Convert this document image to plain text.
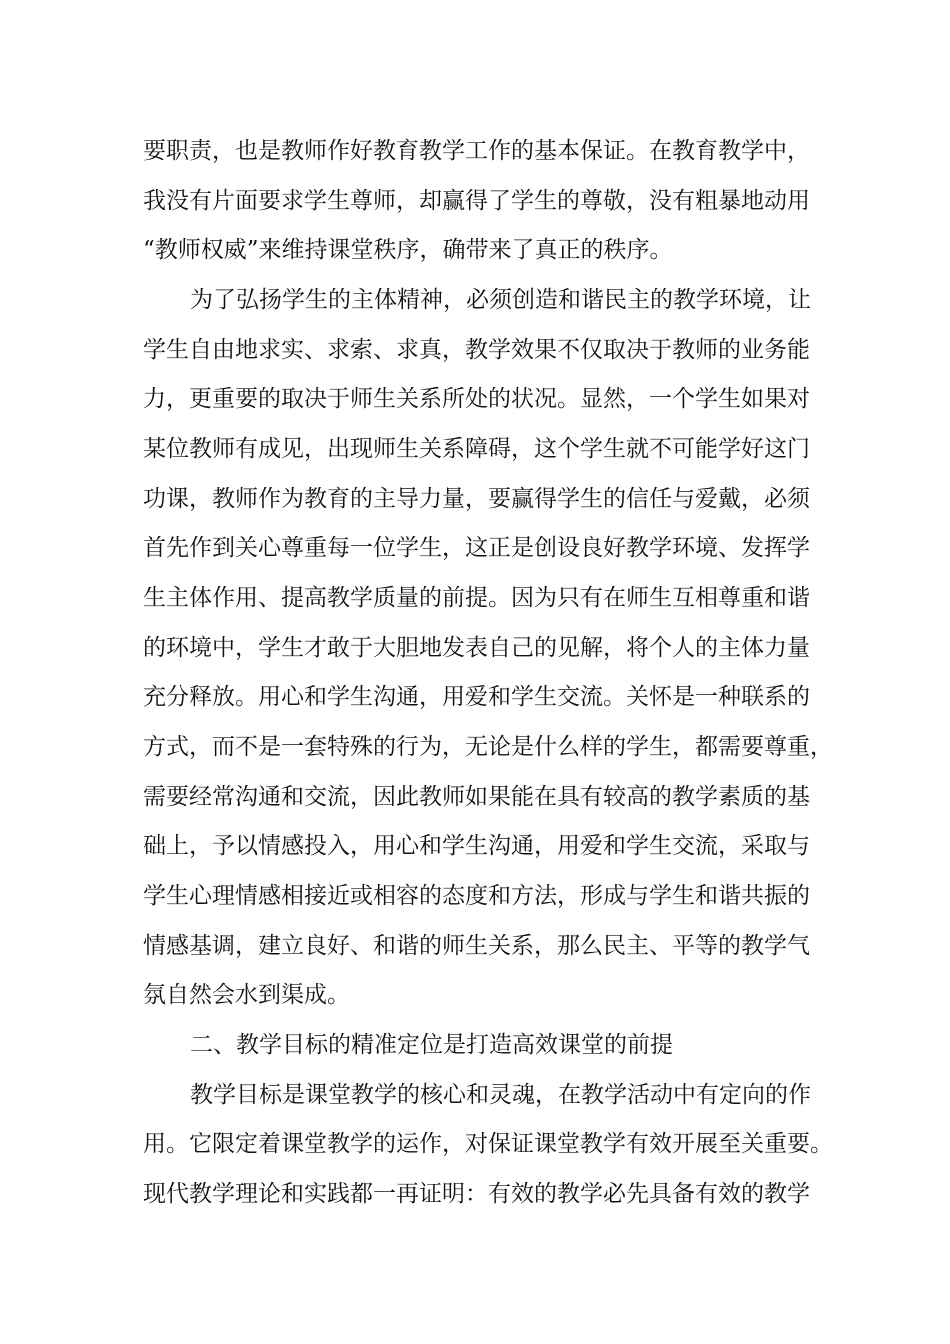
要职责，也是教师作好教育教学工作的基本保证。在教育教学中，
我没有片面要求学生尊师，却赢得了学生的尊敬，没有粗暴地动用
“教师权威”来维持课堂秩序，确带来了真正的秩序。
为了弘扬学生的主体精神，必须创造和谐民主的教学环境，让
学生自由地求实、求索、求真，教学效果不仅取决于教师的业务能
力，更重要的取决于师生关系所处的状况。显然，一个学生如果对
某位教师有成见，出现师生关系障碍，这个学生就不可能学好这门
功课，教师作为教育的主导力量，要赢得学生的信任与爱戴，必须
首先作到关心尊重每一位学生，这正是创设良好教学环境、发挥学
生主体作用、提高教学质量的前提。因为只有在师生互相尊重和谐
的环境中，学生才敢于大胆地发表自己的见解，将个人的主体力量
充分释放。用心和学生沟通，用爱和学生交流。关怀是一种联系的
方式，而不是一套特殊的行为，无论是什么样的学生，都需要尊重，
需要经常沟通和交流，因此教师如果能在具有较高的教学素质的基
础上，予以情感投入，用心和学生沟通，用爱和学生交流，采取与
学生心理情感相接近或相容的态度和方法，形成与学生和谐共振的
情感基调，建立良好、和谐的师生关系，那么民主、平等的教学气
氛自然会水到渠成。
二、教学目标的精准定位是打造高效课堂的前提
教学目标是课堂教学的核心和灵魂，在教学活动中有定向的作
用。它限定着课堂教学的运作，对保证课堂教学有效开展至关重要。
现代教学理论和实践都一再证明：有效的教学必先具备有效的教学
